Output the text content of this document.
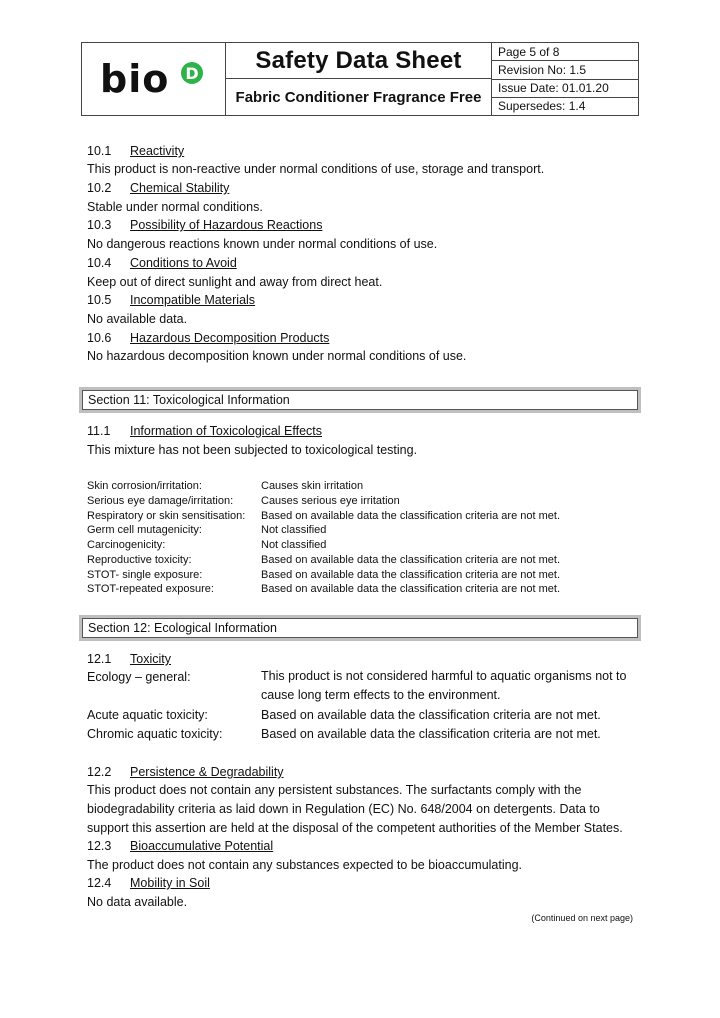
bio D	Safety Data Sheet
Fabric Conditioner Fragrance Free
Page 5 of 8
Revision No: 1.5
Issue Date: 01.01.20
Supersedes: 1.4
10.1 Reactivity
This product is non-reactive under normal conditions of use, storage and transport.
10.2 Chemical Stability
Stable under normal conditions.
10.3 Possibility of Hazardous Reactions
No dangerous reactions known under normal conditions of use.
10.4 Conditions to Avoid
Keep out of direct sunlight and away from direct heat.
10.5 Incompatible Materials
No available data.
10.6 Hazardous Decomposition Products
No hazardous decomposition known under normal conditions of use.
Section 11: Toxicological Information
11.1 Information of Toxicological Effects
This mixture has not been subjected to toxicological testing.
Skin corrosion/irritation:	Causes skin irritation
Serious eye damage/irritation:	Causes serious eye irritation
Respiratory or skin sensitisation: Based on available data the classification criteria are not met.
Germ cell mutagenicity:	Not classified
Carcinogenicity:	Not classified
Reproductive toxicity:	Based on available data the classification criteria are not met.
STOT- single exposure:	Based on available data the classification criteria are not met.
STOT-repeated exposure:	Based on available data the classification criteria are not met.
Section 12: Ecological Information
12.1 Toxicity
Ecology – general:	This product is not considered harmful to aquatic organisms not to cause long term effects to the environment.
Acute aquatic toxicity:	Based on available data the classification criteria are not met.
Chromic aquatic toxicity:	Based on available data the classification criteria are not met.
12.2 Persistence & Degradability
This product does not contain any persistent substances. The surfactants comply with the
biodegradability criteria as laid down in Regulation (EC) No. 648/2004 on detergents. Data to
support this assertion are held at the disposal of the competent authorities of the Member States.
12.3 Bioaccumulative Potential
The product does not contain any substances expected to be bioaccumulating.
12.4 Mobility in Soil
No data available.
(Continued on next page)
